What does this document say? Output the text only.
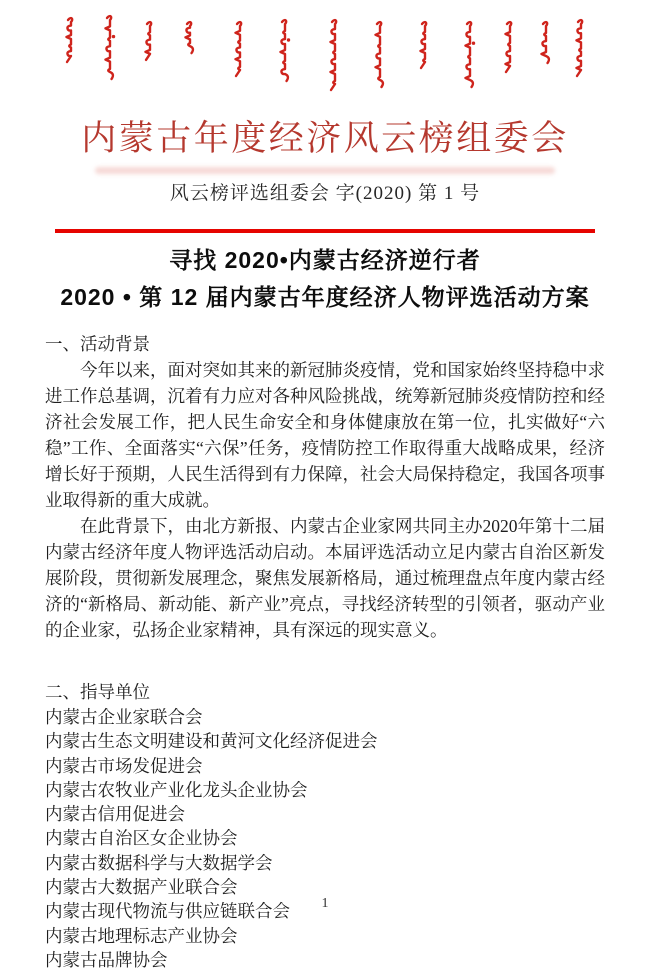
内蒙古年度经济风云榜组委会
风云榜评选组委会 字(2020) 第 1 号
寻找 2020•内蒙古经济逆行者
2020 • 第 12 届内蒙古年度经济人物评选活动方案
一、活动背景

今年以来，面对突如其来的新冠肺炎疫情，党和国家始终坚持稳中求进工作总基调，沉着有力应对各种风险挑战，统筹新冠肺炎疫情防控和经济社会发展工作，把人民生命安全和身体健康放在第一位，扎实做好“六稳”工作、全面落实“六保”任务，疫情防控工作取得重大战略成果，经济增长好于预期，人民生活得到有力保障，社会大局保持稳定，我国各项事业取得新的重大成就。

在此背景下，由北方新报、内蒙古企业家网共同主办2020年第十二届内蒙古经济年度人物评选活动启动。本届评选活动立足内蒙古自治区新发展阶段，贯彻新发展理念，聚焦发展新格局，通过梳理盘点年度内蒙古经济的“新格局、新动能、新产业”亮点，寻找经济转型的引领者，驱动产业的企业家，弘扬企业家精神，具有深远的现实意义。

二、指导单位
内蒙古企业家联合会
内蒙古生态文明建设和黄河文化经济促进会
内蒙古市场发促进会
内蒙古农牧业产业化龙头企业协会
内蒙古信用促进会
内蒙古自治区女企业协会
内蒙古数据科学与大数据学会
内蒙古大数据产业联合会
内蒙古现代物流与供应链联合会
内蒙古地理标志产业协会
内蒙古品牌协会
1
